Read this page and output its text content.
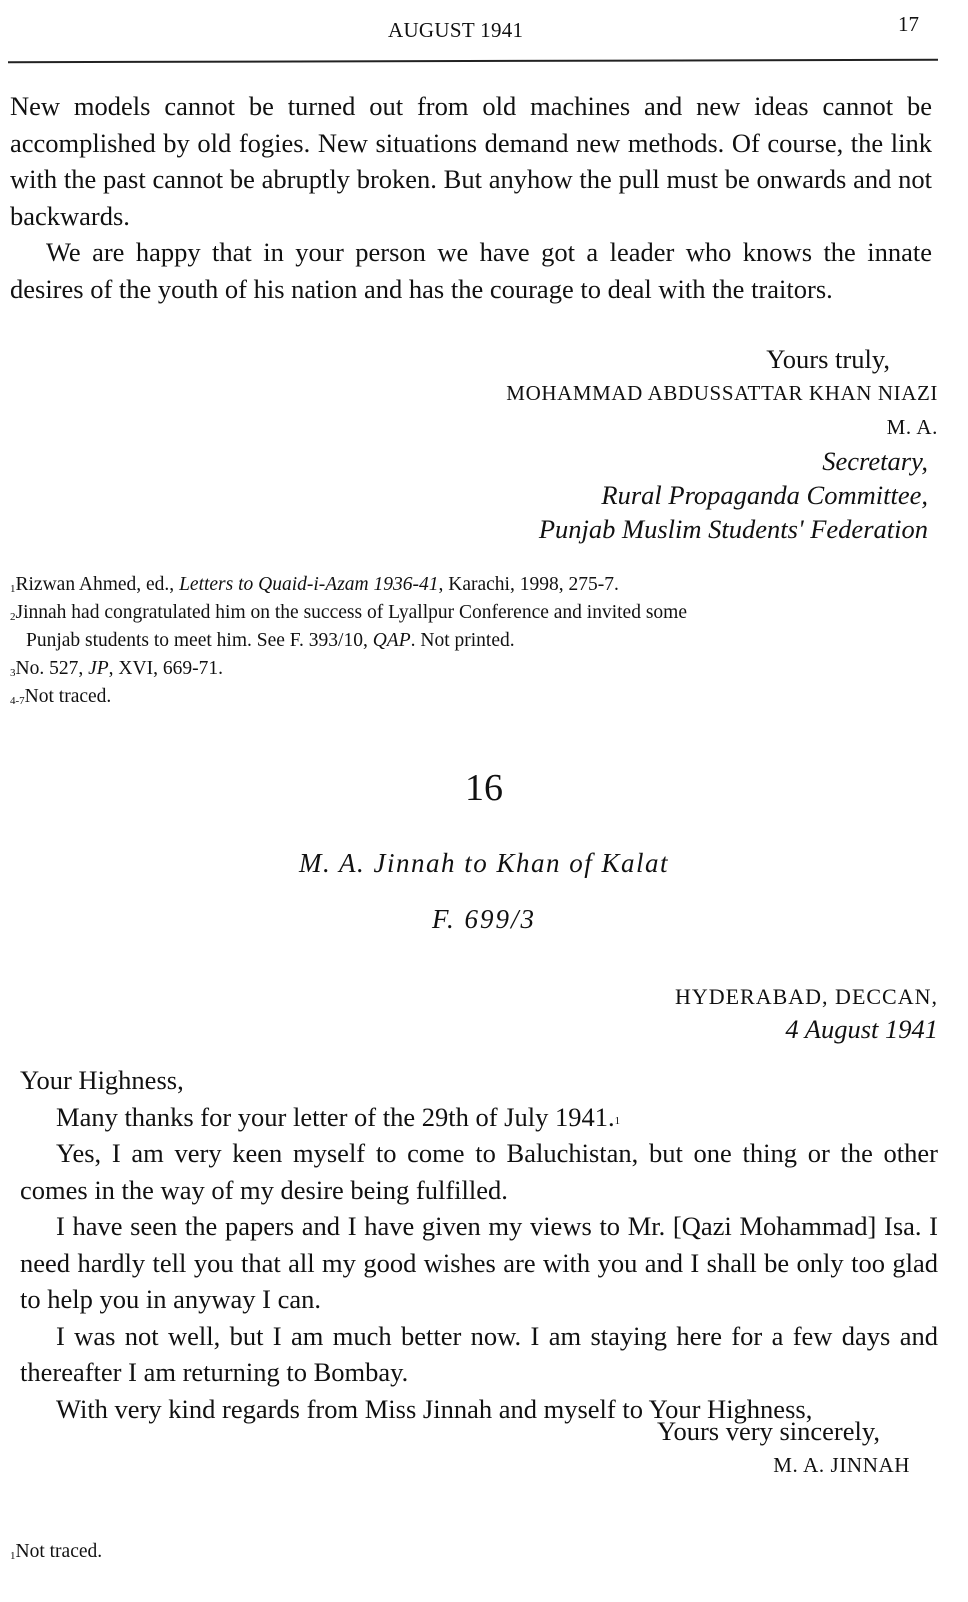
AUGUST 1941	17

New models cannot be turned out from old machines and new ideas cannot be accomplished by old fogies. New situations demand new methods. Of course, the link with the past cannot be abruptly broken. But anyhow the pull must be onwards and not backwards.

We are happy that in your person we have got a leader who knows the innate desires of the youth of his nation and has the courage to deal with the traitors.

Yours truly,
MOHAMMAD ABDUSSATTAR KHAN NIAZI
M. A.
Secretary,
Rural Propaganda Committee,
Punjab Muslim Students' Federation

$^1$Rizwan Ahmed, ed., Letters to Quaid-i-Azam 1936-41, Karachi, 1998, 275-7.

$^2$Jinnah had congratulated him on the success of Lyallpur Conference and invited some

Punjab students to meet him. See F. 393/10, QAP. Not printed.

$^3$No. 527, JP, XVI, 669-71.

$^{4-7}$Not traced.

16
M. A. Jinnah to Khan of Kalat
F. 699/3
HYDERABAD, DECCAN,
4 August 1941

Your Highness,

Many thanks for your letter of the 29th of July 1941.$^1$

Yes, I am very keen myself to come to Baluchistan, but one thing or the other comes in the way of my desire being fulfilled.

I have seen the papers and I have given my views to Mr. [Qazi Mohammad] Isa. I need hardly tell you that all my good wishes are with you and I shall be only too glad to help you in anyway I can.

I was not well, but I am much better now. I am staying here for a few days and thereafter I am returning to Bombay.

With very kind regards from Miss Jinnah and myself to Your Highness,

Yours very sincerely,
M. A. JINNAH

$^1$Not traced.
